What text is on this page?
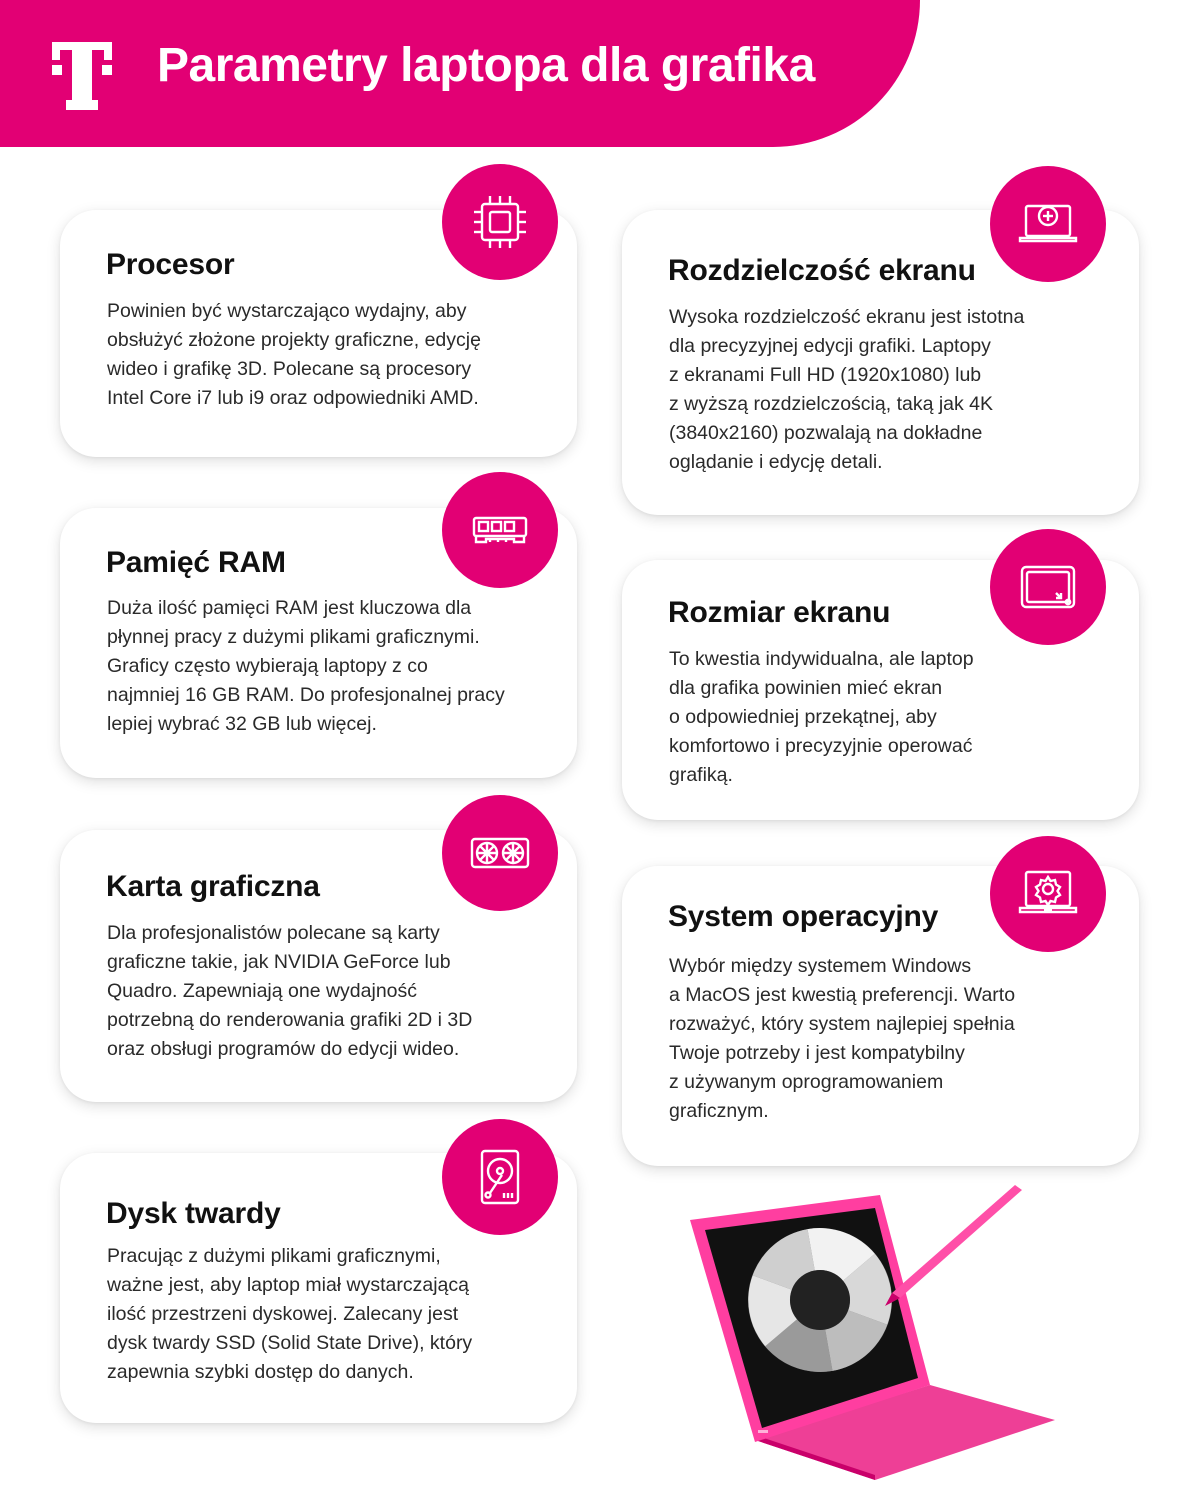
Parametry laptopa dla grafika
Procesor
Powinien być wystarczająco wydajny, aby
obsłużyć złożone projekty graficzne, edycję
wideo i grafikę 3D. Polecane są procesory
Intel Core i7 lub i9 oraz odpowiedniki AMD.
Pamięć RAM
Duża ilość pamięci RAM jest kluczowa dla
płynnej pracy z dużymi plikami graficznymi.
Graficy często wybierają laptopy z co
najmniej 16 GB RAM. Do profesjonalnej pracy
lepiej wybrać 32 GB lub więcej.
Karta graficzna
Dla profesjonalistów polecane są karty
graficzne takie, jak NVIDIA GeForce lub
Quadro. Zapewniają one wydajność
potrzebną do renderowania grafiki 2D i 3D
oraz obsługi programów do edycji wideo.
Dysk twardy
Pracując z dużymi plikami graficznymi,
ważne jest, aby laptop miał wystarczającą
ilość przestrzeni dyskowej. Zalecany jest
dysk twardy SSD (Solid State Drive), który
zapewnia szybki dostęp do danych.
Rozdzielczość ekranu
Wysoka rozdzielczość ekranu jest istotna
dla precyzyjnej edycji grafiki. Laptopy
z ekranami Full HD (1920x1080) lub
z wyższą rozdzielczością, taką jak 4K
(3840x2160) pozwalają na dokładne
oglądanie i edycję detali.
Rozmiar ekranu
To kwestia indywidualna, ale laptop
dla grafika powinien mieć ekran
o odpowiedniej przekątnej, aby
komfortowo i precyzyjnie operować
grafiką.
System operacyjny
Wybór między systemem Windows
a MacOS jest kwestią preferencji. Warto
rozważyć, który system najlepiej spełnia
Twoje potrzeby i jest kompatybilny
z używanym oprogramowaniem
graficznym.
